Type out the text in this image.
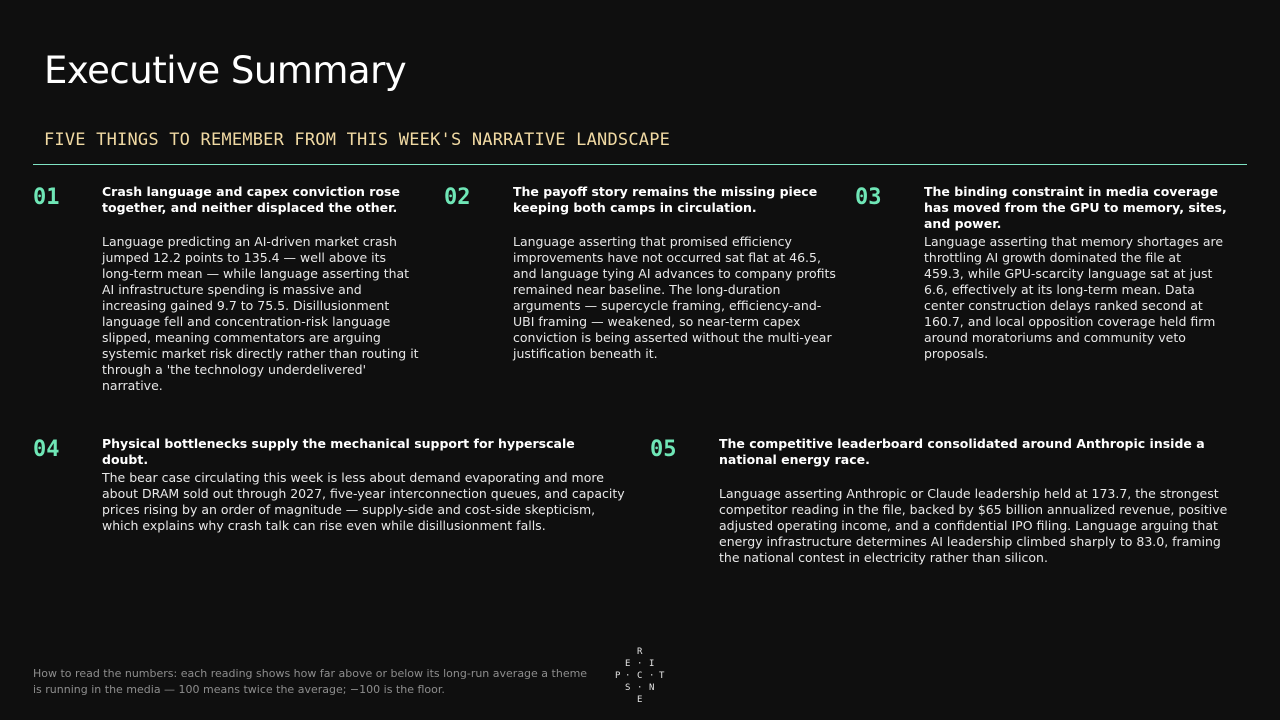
Executive Summary
FIVE THINGS TO REMEMBER FROM THIS WEEK'S NARRATIVE LANDSCAPE
01	Crash language and capex conviction rose together, and neither displaced the other.
Language predicting an AI-driven market crash jumped 12.2 points to 135.4 — well above its long-term mean — while language asserting that AI infrastructure spending is massive and increasing gained 9.7 to 75.5. Disillusionment language fell and concentration-risk language slipped, meaning commentators are arguing systemic market risk directly rather than routing it through a 'the technology underdelivered' narrative.
02	The payoff story remains the missing piece keeping both camps in circulation.
Language asserting that promised efficiency improvements have not occurred sat flat at 46.5, and language tying AI advances to company profits remained near baseline. The long-duration arguments — supercycle framing, efficiency-and-UBI framing — weakened, so near-term capex conviction is being asserted without the multi-year justification beneath it.
03	The binding constraint in media coverage has moved from the GPU to memory, sites, and power.
Language asserting that memory shortages are throttling AI growth dominated the file at 459.3, while GPU-scarcity language sat at just 6.6, effectively at its long-term mean. Data center construction delays ranked second at 160.7, and local opposition coverage held firm around moratoriums and community veto proposals.
04	Physical bottlenecks supply the mechanical support for hyperscale doubt.
The bear case circulating this week is less about demand evaporating and more about DRAM sold out through 2027, five-year interconnection queues, and capacity prices rising by an order of magnitude — supply-side and cost-side skepticism, which explains why crash talk can rise even while disillusionment falls.
05	The competitive leaderboard consolidated around Anthropic inside a national energy race.
Language asserting Anthropic or Claude leadership held at 173.7, the strongest competitor reading in the file, backed by $65 billion annualized revenue, positive adjusted operating income, and a confidential IPO filing. Language arguing that energy infrastructure determines AI leadership climbed sharply to 83.0, framing the national contest in electricity rather than silicon.
How to read the numbers: each reading shows how far above or below its long-run average a theme is running in the media — 100 means twice the average; −100 is the floor.
R
E · I
C
· · T
P
S · N
E
